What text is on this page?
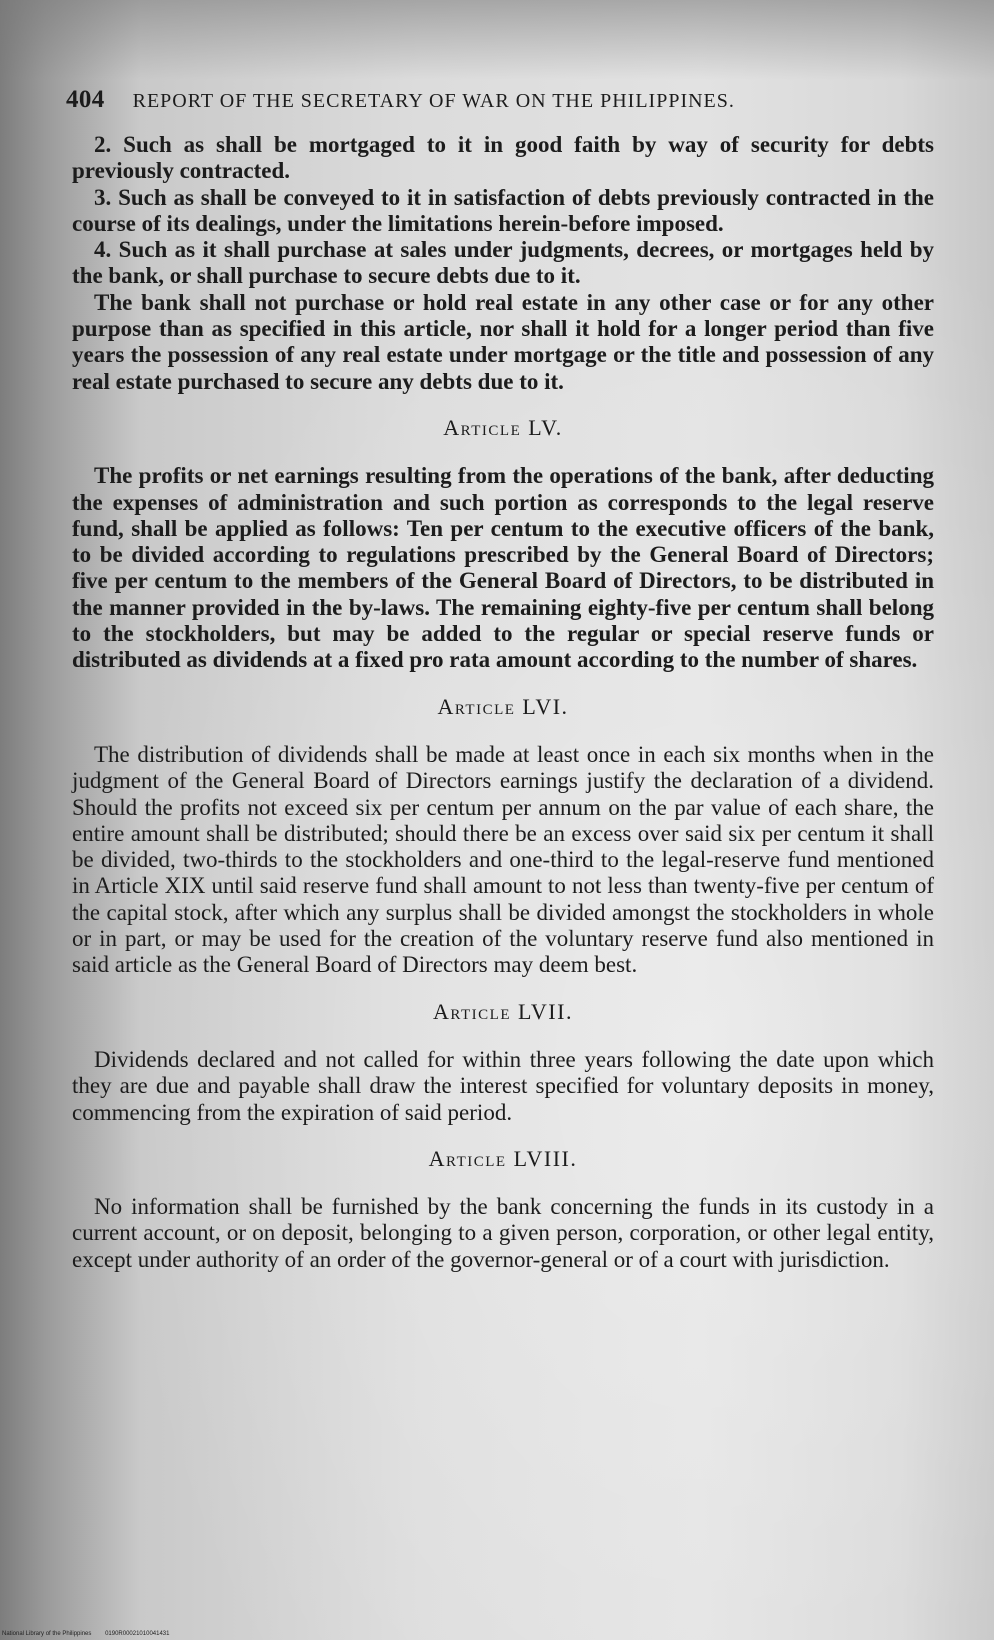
404 REPORT OF THE SECRETARY OF WAR ON THE PHILIPPINES.

2. Such as shall be mortgaged to it in good faith by way of security for debts previously contracted.

3. Such as shall be conveyed to it in satisfaction of debts previously contracted in the course of its dealings, under the limitations herein-before imposed.

4. Such as it shall purchase at sales under judgments, decrees, or mortgages held by the bank, or shall purchase to secure debts due to it.

The bank shall not purchase or hold real estate in any other case or for any other purpose than as specified in this article, nor shall it hold for a longer period than five years the possession of any real estate under mortgage or the title and possession of any real estate purchased to secure any debts due to it.

Article LV.

The profits or net earnings resulting from the operations of the bank, after deducting the expenses of administration and such portion as corresponds to the legal reserve fund, shall be applied as follows: Ten per centum to the executive officers of the bank, to be divided according to regulations prescribed by the General Board of Directors; five per centum to the members of the General Board of Directors, to be distributed in the manner provided in the by-laws. The remaining eighty-five per centum shall belong to the stockholders, but may be added to the regular or special reserve funds or distributed as dividends at a fixed pro rata amount according to the number of shares.

Article LVI.

The distribution of dividends shall be made at least once in each six months when in the judgment of the General Board of Directors earnings justify the declaration of a dividend. Should the profits not exceed six per centum per annum on the par value of each share, the entire amount shall be distributed; should there be an excess over said six per centum it shall be divided, two-thirds to the stockholders and one-third to the legal-reserve fund mentioned in Article XIX until said reserve fund shall amount to not less than twenty-five per centum of the capital stock, after which any surplus shall be divided amongst the stockholders in whole or in part, or may be used for the creation of the voluntary reserve fund also mentioned in said article as the General Board of Directors may deem best.

Article LVII.

Dividends declared and not called for within three years following the date upon which they are due and payable shall draw the interest specified for voluntary deposits in money, commencing from the expiration of said period.

Article LVIII.

No information shall be furnished by the bank concerning the funds in its custody in a current account, or on deposit, belonging to a given person, corporation, or other legal entity, except under authority of an order of the governor-general or of a court with jurisdiction.

National Library of the Philippines 0190R00021010041431
